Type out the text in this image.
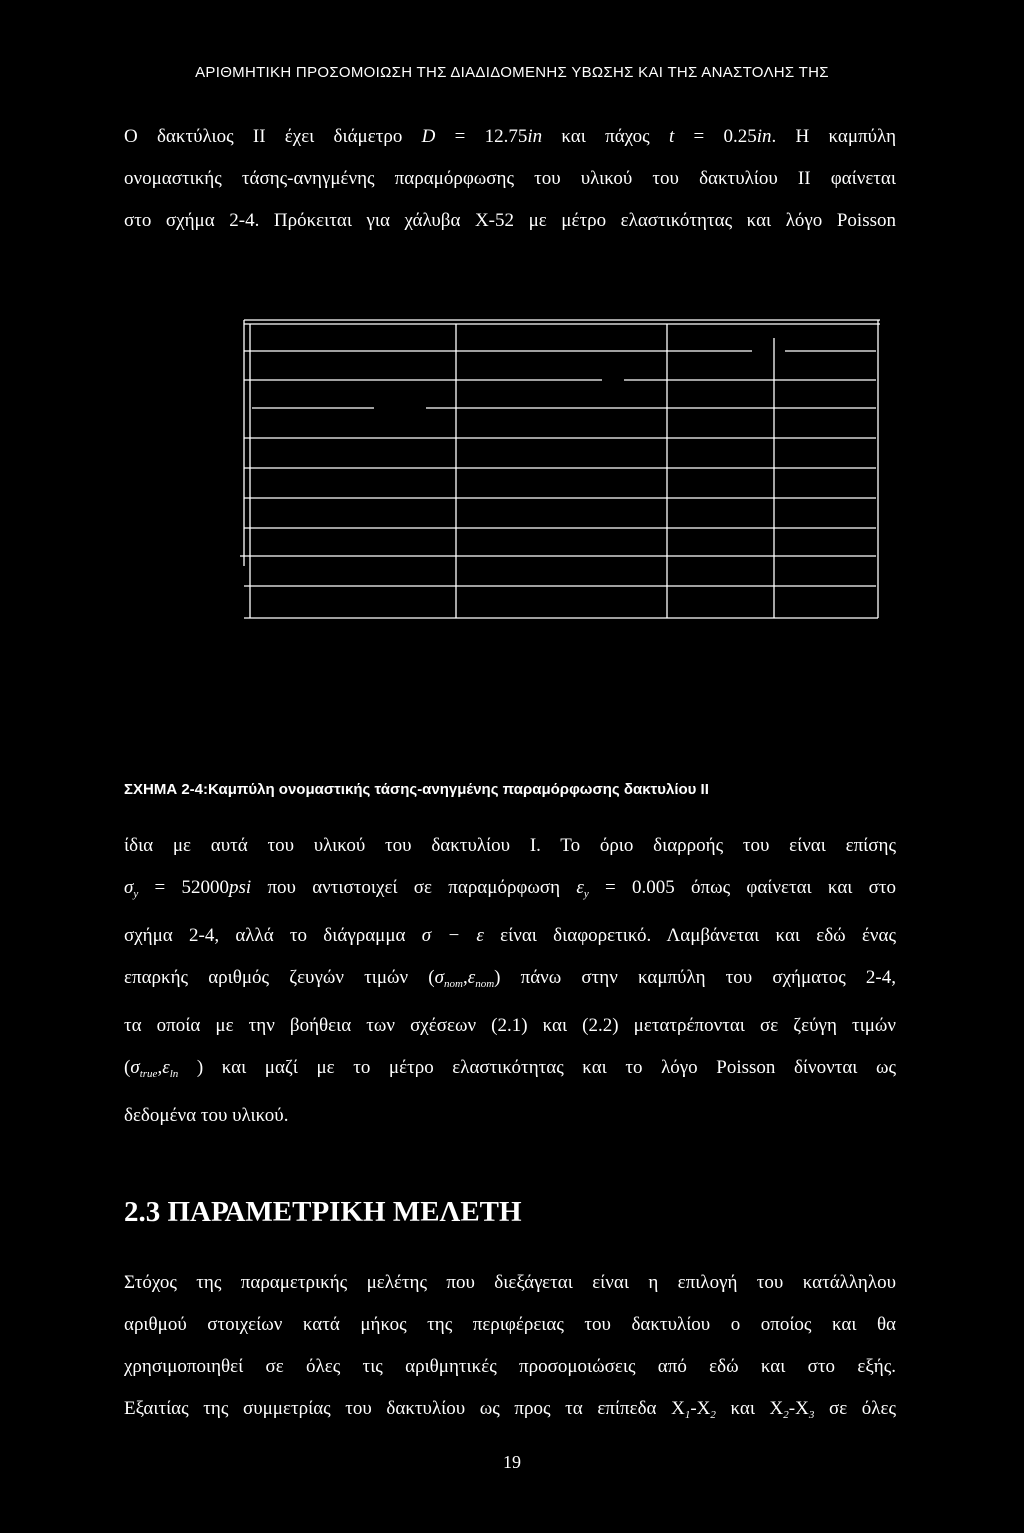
ΑΡΙΘΜΗΤΙΚΗ ΠΡΟΣΟΜΟΙΩΣΗ ΤΗΣ ΔΙΑΔΙΔΟΜΕΝΗΣ ΥΒΩΣΗΣ ΚΑΙ ΤΗΣ ΑΝΑΣΤΟΛΗΣ ΤΗΣ

Ο δακτύλιος ΙΙ έχει διάμετρο D = 12.75in και πάχος t = 0.25in. Η καμπύλη
ονομαστικής τάσης-ανηγμένης παραμόρφωσης του υλικού του δακτυλίου ΙΙ φαίνεται
στο σχήμα 2-4. Πρόκειται για χάλυβα Χ-52 με μέτρο ελαστικότητας και λόγο Poisson

ΣΧΗΜΑ 2-4:Καμπύλη ονομαστικής τάσης-ανηγμένης παραμόρφωσης δακτυλίου ΙΙ

ίδια με αυτά του υλικού του δακτυλίου Ι. Το όριο διαρροής του είναι επίσης
$\sigma_y = 52000psi$ που αντιστοιχεί σε παραμόρφωση $\varepsilon_y = 0.005$ όπως φαίνεται και στο
σχήμα 2-4, αλλά το διάγραμμα σ − ε είναι διαφορετικό. Λαμβάνεται και εδώ ένας
επαρκής αριθμός ζευγών τιμών $(\sigma_{nom},\varepsilon_{nom})$ πάνω στην καμπύλη του σχήματος 2-4,
τα οποία με την βοήθεια των σχέσεων (2.1) και (2.2) μετατρέπονται σε ζεύγη τιμών
($\sigma_{true},\varepsilon_{ln}$ ) και μαζί με το μέτρο ελαστικότητας και το λόγο Poisson δίνονται ως
δεδομένα του υλικού.

2.3 ΠΑΡΑΜΕΤΡΙΚΗ ΜΕΛΕΤΗ

Στόχος της παραμετρικής μελέτης που διεξάγεται είναι η επιλογή του κατάλληλου
αριθμού στοιχείων κατά μήκος της περιφέρειας του δακτυλίου ο οποίος και θα
χρησιμοποιηθεί σε όλες τις αριθμητικές προσομοιώσεις από εδώ και στο εξής.
Εξαιτίας της συμμετρίας του δακτυλίου ως προς τα επίπεδα $X_1-X_2$ και $X_2-X_3$ σε όλες

19
